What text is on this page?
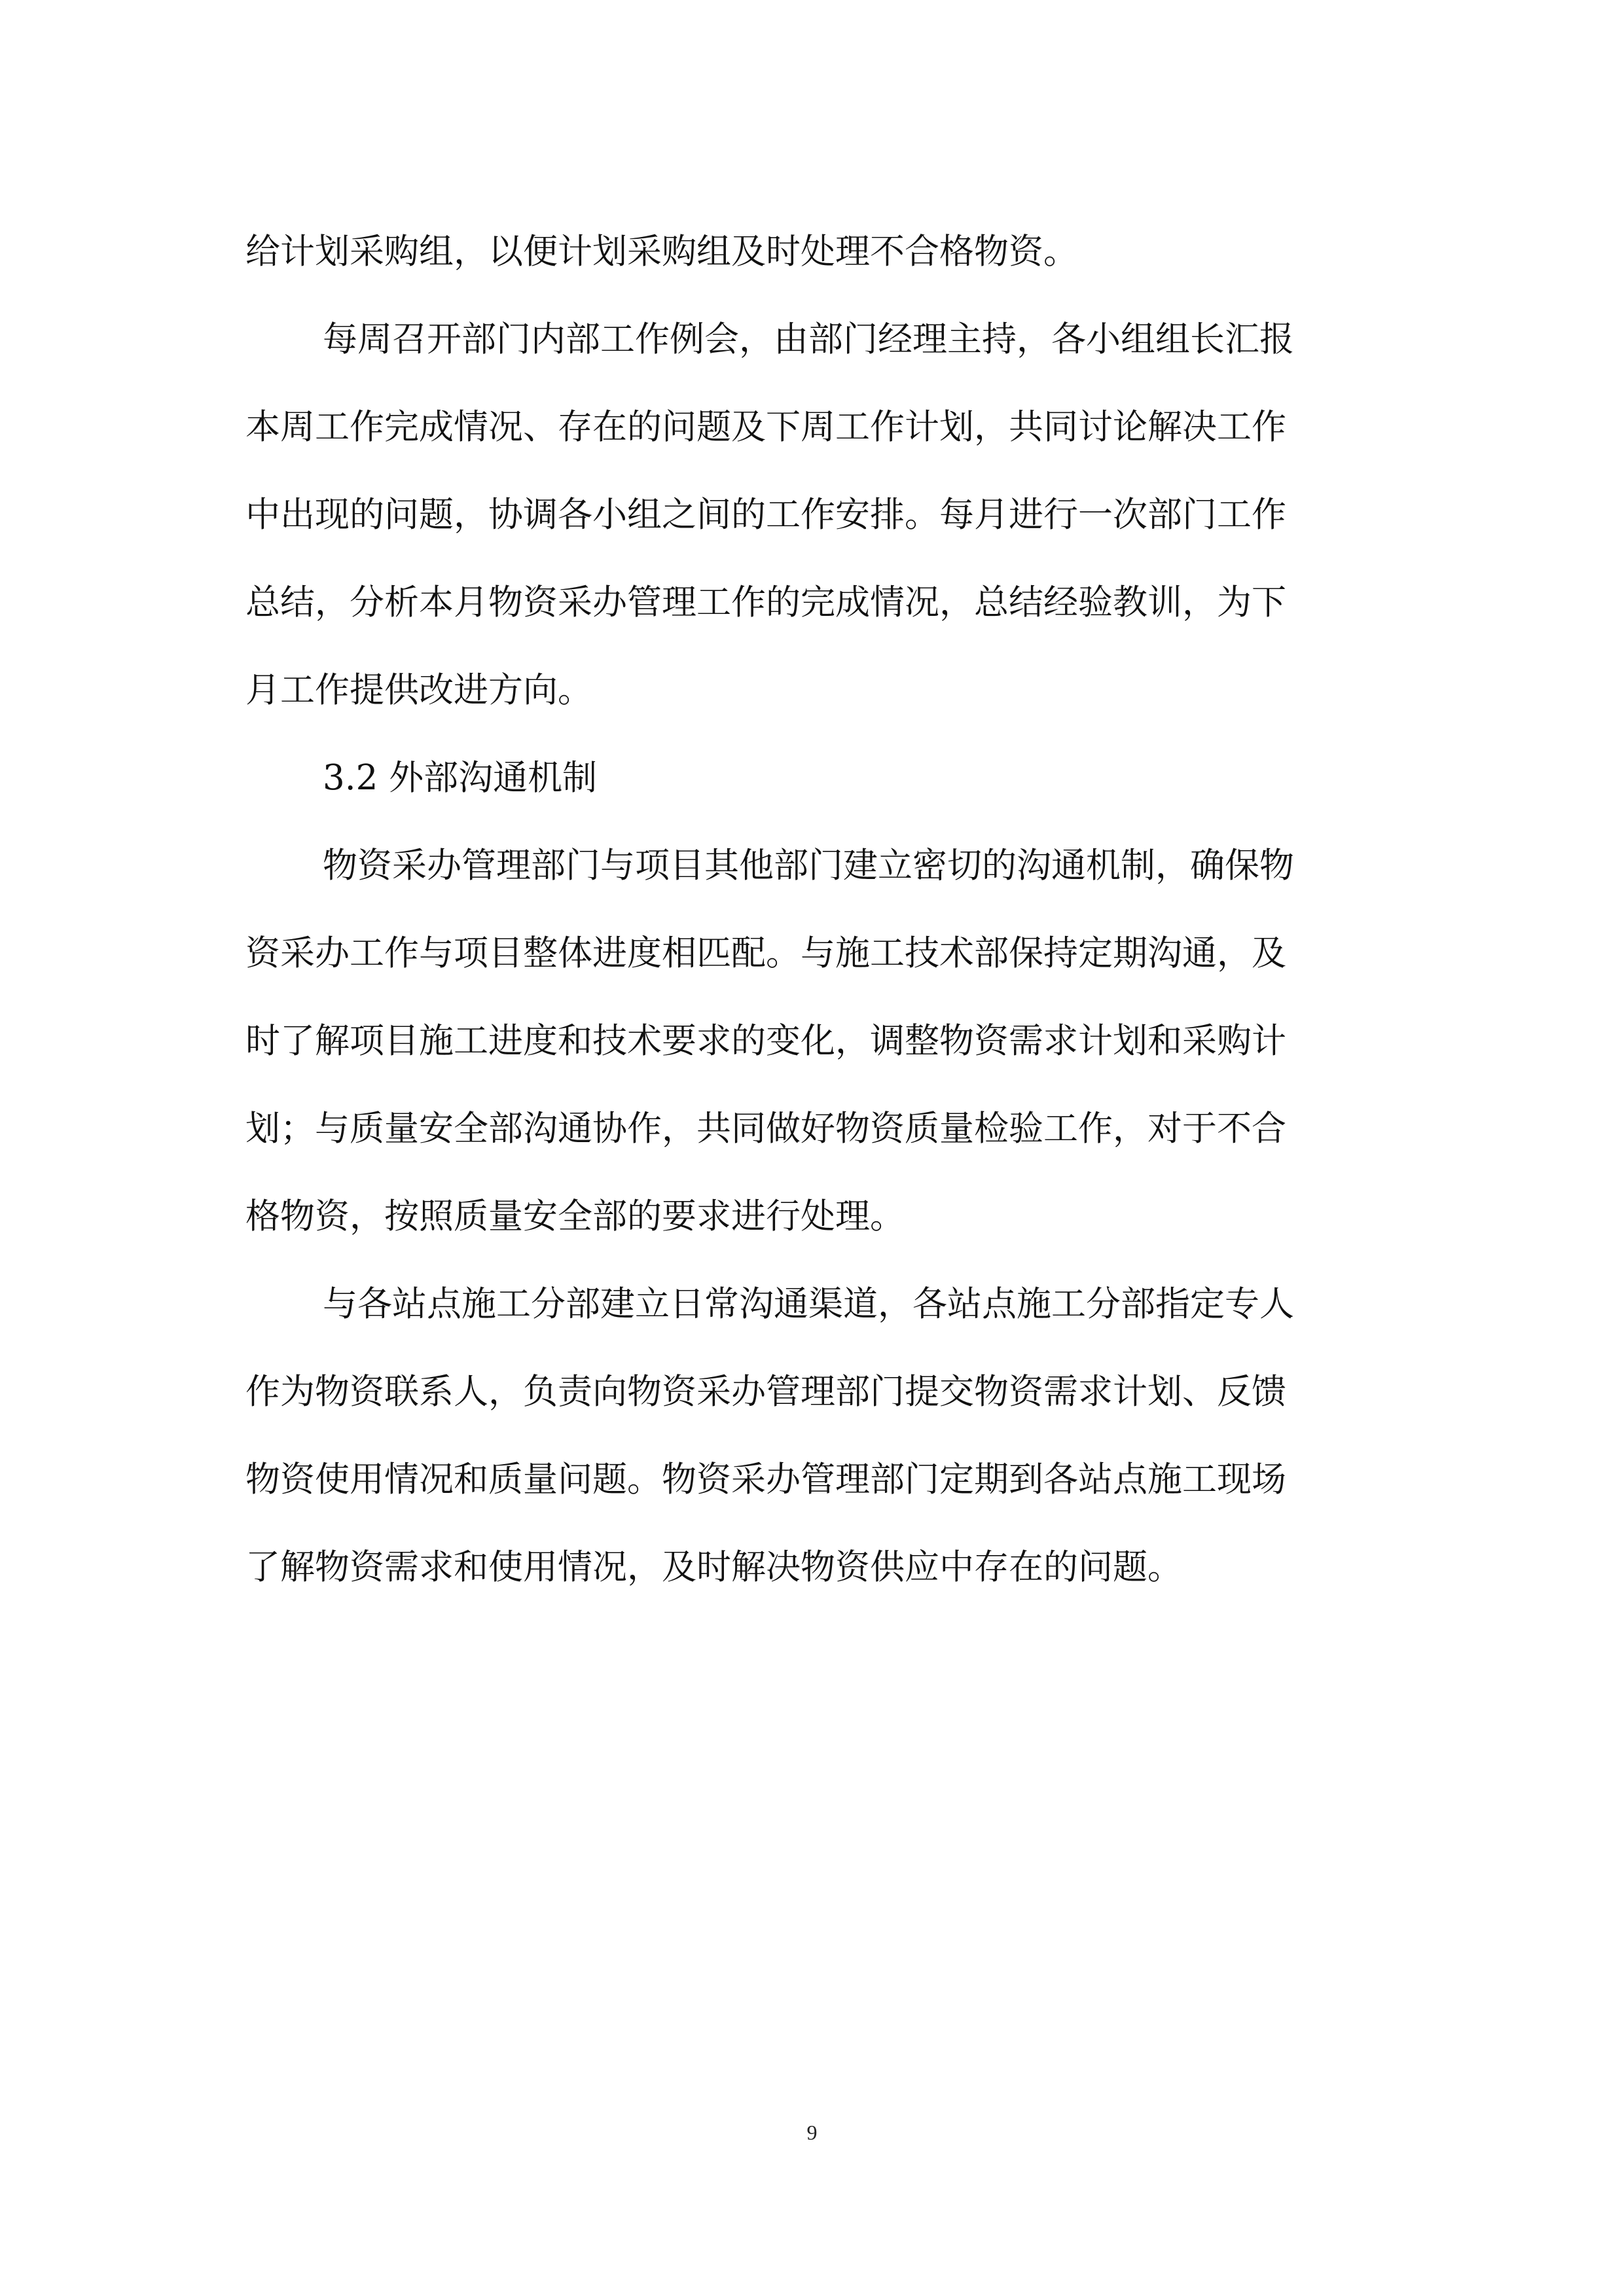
给计划采购组，以便计划采购组及时处理不合格物资。
每周召开部门内部工作例会，由部门经理主持，各小组组长汇报
本周工作完成情况、存在的问题及下周工作计划，共同讨论解决工作
中出现的问题，协调各小组之间的工作安排。每月进行一次部门工作
总结，分析本月物资采办管理工作的完成情况，总结经验教训，为下
月工作提供改进方向。
3.2 外部沟通机制
物资采办管理部门与项目其他部门建立密切的沟通机制，确保物
资采办工作与项目整体进度相匹配。与施工技术部保持定期沟通，及
时了解项目施工进度和技术要求的变化，调整物资需求计划和采购计
划；与质量安全部沟通协作，共同做好物资质量检验工作，对于不合
格物资，按照质量安全部的要求进行处理。
与各站点施工分部建立日常沟通渠道，各站点施工分部指定专人
作为物资联系人，负责向物资采办管理部门提交物资需求计划、反馈
物资使用情况和质量问题。物资采办管理部门定期到各站点施工现场
了解物资需求和使用情况，及时解决物资供应中存在的问题。
9
